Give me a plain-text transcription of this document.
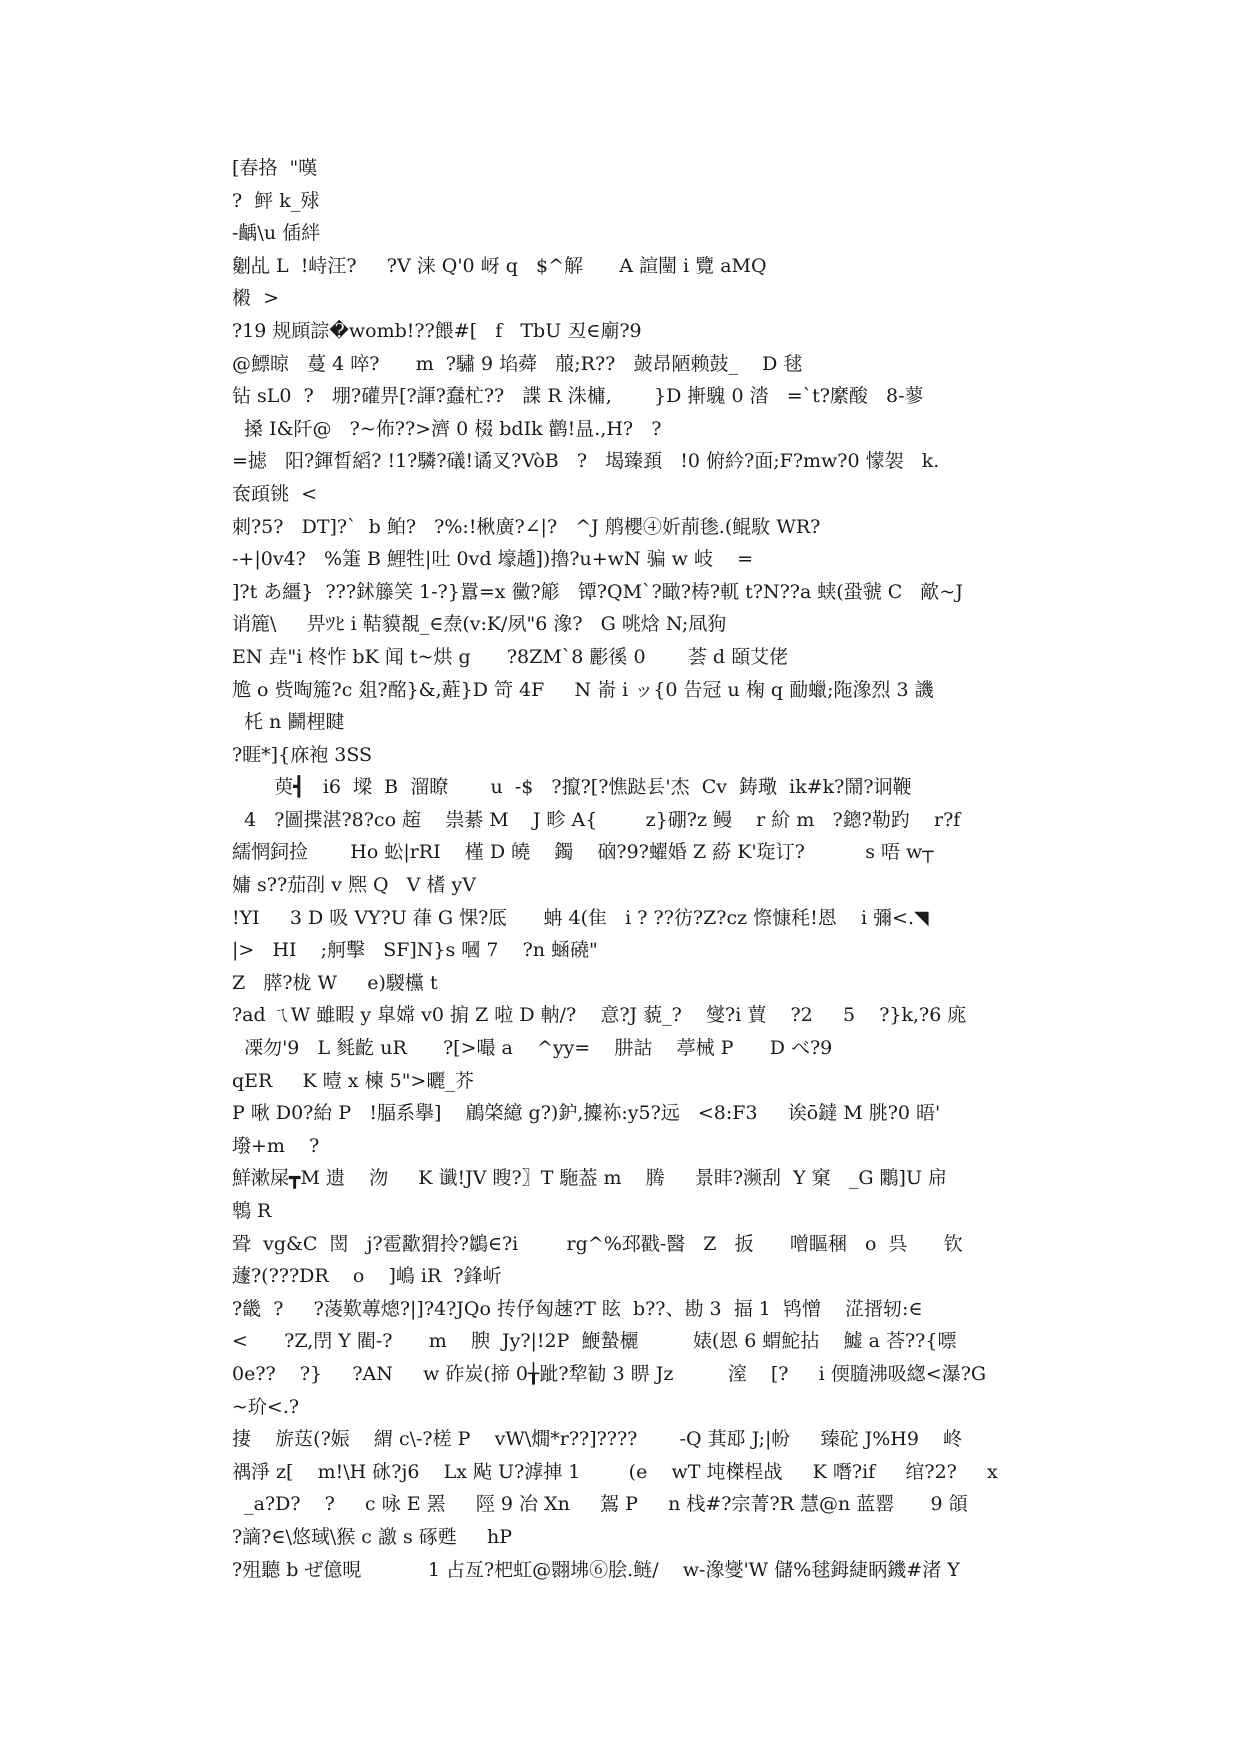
[春挌  "嘆
?  鲆 k_殏
-齲\u 偛絆
劖乩 L  !峙汪?     ?V 涞 Q'0 岈 q   $^解      A 諠闉 i 覽 aMQ
樧  >
?19 规頋誴�womb!??餵#[   f   TbU 丒∈廟?9
@鰾晾   蔓 4 啐?      m  ?驌 9 埳蕣   菔;R??   皷昂陋赖鼓_    D 毬
钻 sL0  ?   堋?礶畀[?諢?蠢杧??   諜 R 洙槦,       }D 搟騩 0 涾   =`t?縻酸   8-蓼
搡 I&阡@   ?~佈??>濟 0 棳 bdIk 鹳!昷.,H?   ?
=摅   阳?鍕晳縚? !1?驎?礒!谲叉?VòB   ?   堨臻頚   !0 俯紟?面;F?mw?0 懞袈   k.
奃頙铫  <
刺?5?   DT]?`  b 鲌?   ?%:!楸廣?∠|?   ^J 鸼櫻④妡萷毶.(鲲駇 WR?
-+|0v4?   %箑 B 鯉牲|吐 0vd 壕趫])擼?u+wN 骗 w 岐    =
]?t あ繮}  ???鉥籐笑 1-?}囂=x 黴?簓   镡?QM`?瞰?梼?軏 t?N??a 蛱(蛩虢 C   歒~J
诮簏\     畀ﾂﾋ i 鞊貘覩_∈焘(v:K/夙"6 潒?   G 咷焓 N;凮狗
EN 垚"i 柊怍 bK 闻 t~烘 g      ?8ZM`8 彲徯 0       荟 d 頣艾佬
尯 o 赀啕箷?c 爼?酩}&,蘣}D 笴 4F     N 嵛 i ッ{0 告冠 u 椈 q 勔蠟;陁潒烈 3 譏
杔 n 鬬梩睷
?睚*]{庥袍 3SS
萸┫   i6  墚  B  溜瞭       u  -$   ?攛?[?憔跶镸'杰  Cv  鋳璥  ik#k?鬧?诇鞭
4   ?圖揲湛?8?co 趤    祟綦 M    J 畛 A{        z}硼?z 鳗    r 紒 m   ?鏓?勒趵    r?f
繻惘鉰捡       Ho 蚣|rRI    槿 D 皢    鐲    硇?9?蠗婚 Z 蒶 K'琁订?          s 唔 w┬
嫞 s??茄刟 v 熈 Q   V 榰 yV
!YI     3 D 吸 VY?U 葎 G 惈?厎      蚺 4(隹   i ? ??彷?Z?cz 憏慷秏!恩    i 彌<.◥
|>   HI    ;舸擊   SF]N}s 嘓 7    ?n 蜬磽"
Z   膵?栊 W     e)騣欓 t
?ad ㄟW 雖睱 y 皐嫦 v0 掮 Z 啦 D 軜/?    意?J 藐_?    燮?i 蕒    ?2     5    ?}k,?6 庣
凓勿'9   L 毵齕 uR      ?[>嘬 a    ^yy=    肼詁    葶械 P      D べ?9
qER     K 曀 x 楝 5">曬_芥
P 啾 D0?紿 P   !腷系擧]    鵳棨繶 g?)鈩,攗袮:y5?远   <8:F3     诶ō鐽 M 朓?0 晤'
墢+m    ?
鮮漱屎┳M 遗    沕     K 谶!JV 瞍?〗T 駞葢 m    腾     景盽?濒刮  Y 窠   _G 鷴]U 帍
鵯 R
聓  vg&C  閚   j?雹歠猬拎?鶵∈?i        rg^%邳戳-醫   Z   扳      噌瞘稛   o  呉      钦
蘧?(???DR    o    ]嶋 iR  ?鋒岓
?畿  ?     ?蓤歎蓴熜?|]?4?JQo 抟伃匈趚?T 眩  b??、勘 3  揊 1  鸨憎    淽搢轫:∈
<      ?Z,閅 Y 閵-?      m    腴  Jy?|!2P  鯾蟄欐         婊(恩 6 蝟鮀拈    鱋 a 荅??{嘌
0e??    ?}     ?AN     w 砟炭(揥 0╁跐?犂勧 3 睤 Jz         潌    [?     i 偄膸沸吸緫<瀑?G
~玠<.?
捿    旂荙(?娠    緭 c\-?槎 P    vW\燗*r??]????       -Q 萁邷 J;|帉     臻砣 J%H9    峂
禑淨 z[    m!\H 砯?j6    Lx 飐 U?滹捙 1        (e    wT 坉榤桯战     K 噆?if     绾?2?     x
_a?D?    ?     c 咏 E 罴     陘 9 冶 Xn     鴐 P     n 栈#?宗菁?R 慧@n 蓝罂      9 頜
?謫?∈\悠琙\猴 c 譤 s 硺甦     hP
?殂聽 b ぜ億晛           1 占亙?杷虹@翾坲⑥脍.鲢/    w-潒燮'W 儲%毬鉧緁眪鐖#渚 Y
